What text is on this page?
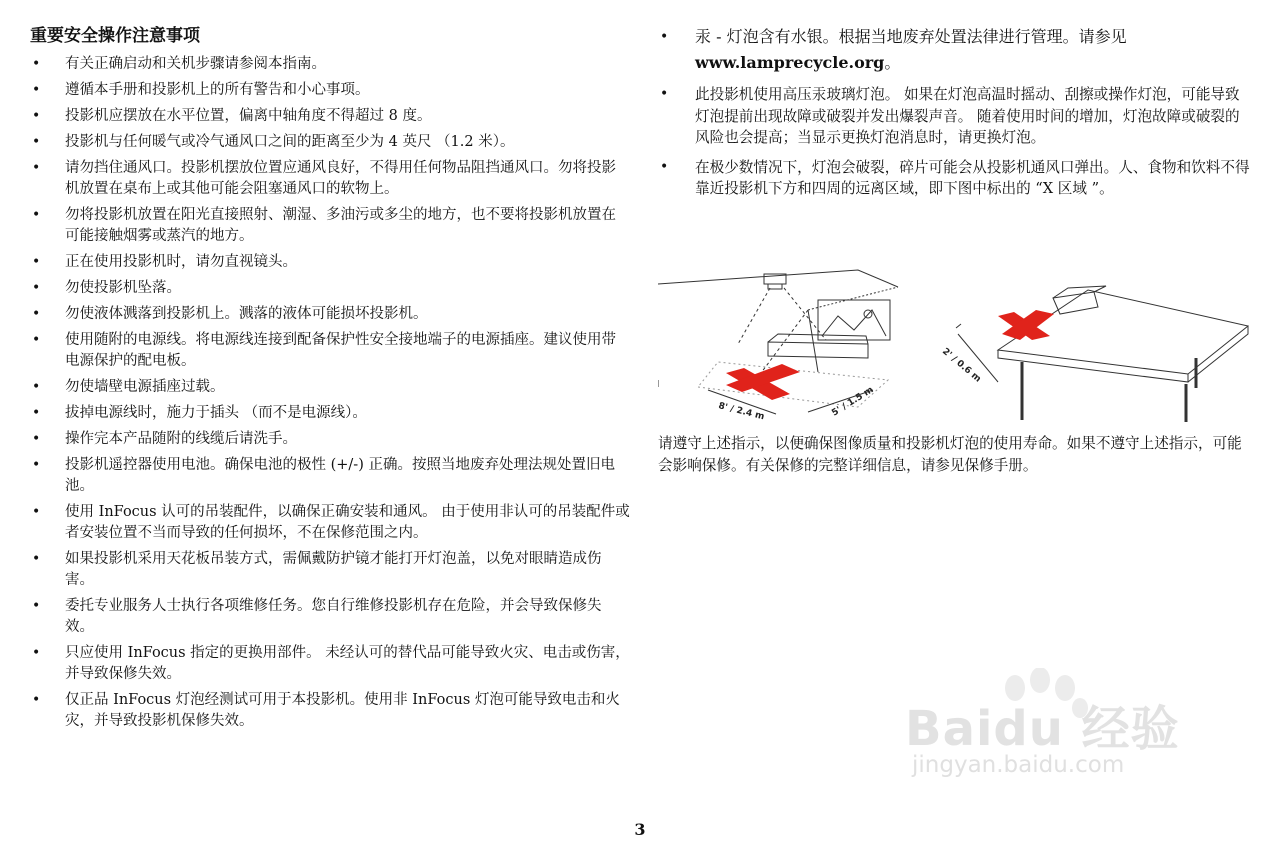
重要安全操作注意事项
• 有关正确启动和关机步骤请参阅本指南。
• 遵循本手册和投影机上的所有警告和小心事项。
• 投影机应摆放在水平位置，偏离中轴角度不得超过 8 度。
• 投影机与任何暖气或冷气通风口之间的距离至少为 4 英尺 （1.2 米）。
• 请勿挡住通风口。投影机摆放位置应通风良好，不得用任何物品阻挡通风口。勿将投影机放置在桌布上或其他可能会阻塞通风口的软物上。
• 勿将投影机放置在阳光直接照射、潮湿、多油污或多尘的地方，也不要将投影机放置在可能接触烟雾或蒸汽的地方。
• 正在使用投影机时，请勿直视镜头。
• 勿使投影机坠落。
• 勿使液体溅落到投影机上。溅落的液体可能损坏投影机。
• 使用随附的电源线。将电源线连接到配备保护性安全接地端子的电源插座。建议使用带电源保护的配电板。
• 勿使墙壁电源插座过载。
• 拔掉电源线时，施力于插头 （而不是电源线）。
• 操作完本产品随附的线缆后请洗手。
• 投影机遥控器使用电池。确保电池的极性 (+/-) 正确。按照当地废弃处理法规处置旧电池。
• 使用 InFocus 认可的吊装配件，以确保正确安装和通风。 由于使用非认可的吊装配件或者安装位置不当而导致的任何损坏，不在保修范围之内。
• 如果投影机采用天花板吊装方式，需佩戴防护镜才能打开灯泡盖，以免对眼睛造成伤害。
• 委托专业服务人士执行各项维修任务。您自行维修投影机存在危险，并会导致保修失效。
• 只应使用 InFocus 指定的更换用部件。 未经认可的替代品可能导致火灾、电击或伤害，并导致保修失效。
• 仅正品 InFocus 灯泡经测试可用于本投影机。使用非 InFocus 灯泡可能导致电击和火灾，并导致投影机保修失效。
• 汞 - 灯泡含有水银。根据当地废弃处置法律进行管理。请参见
www.lamprecycle.org。
• 此投影机使用高压汞玻璃灯泡。 如果在灯泡高温时摇动、刮擦或操作灯泡，可能导致灯泡提前出现故障或破裂并发出爆裂声音。 随着使用时间的增加，灯泡故障或破裂的风险也会提高；当显示更换灯泡消息时，请更换灯泡。
• 在极少数情况下，灯泡会破裂，碎片可能会从投影机通风口弹出。人、食物和饮料不得靠近投影机下方和四周的远离区域，即下图中标出的 “X 区域 ”。
8' / 2.4 m	5' / 1.5 m
2' / 0.6 m

请遵守上述指示，以便确保图像质量和投影机灯泡的使用寿命。如果不遵守上述指示，可能会影响保修。有关保修的完整详细信息，请参见保修手册。

Baidu 经验
jingyan.baidu.com
3
